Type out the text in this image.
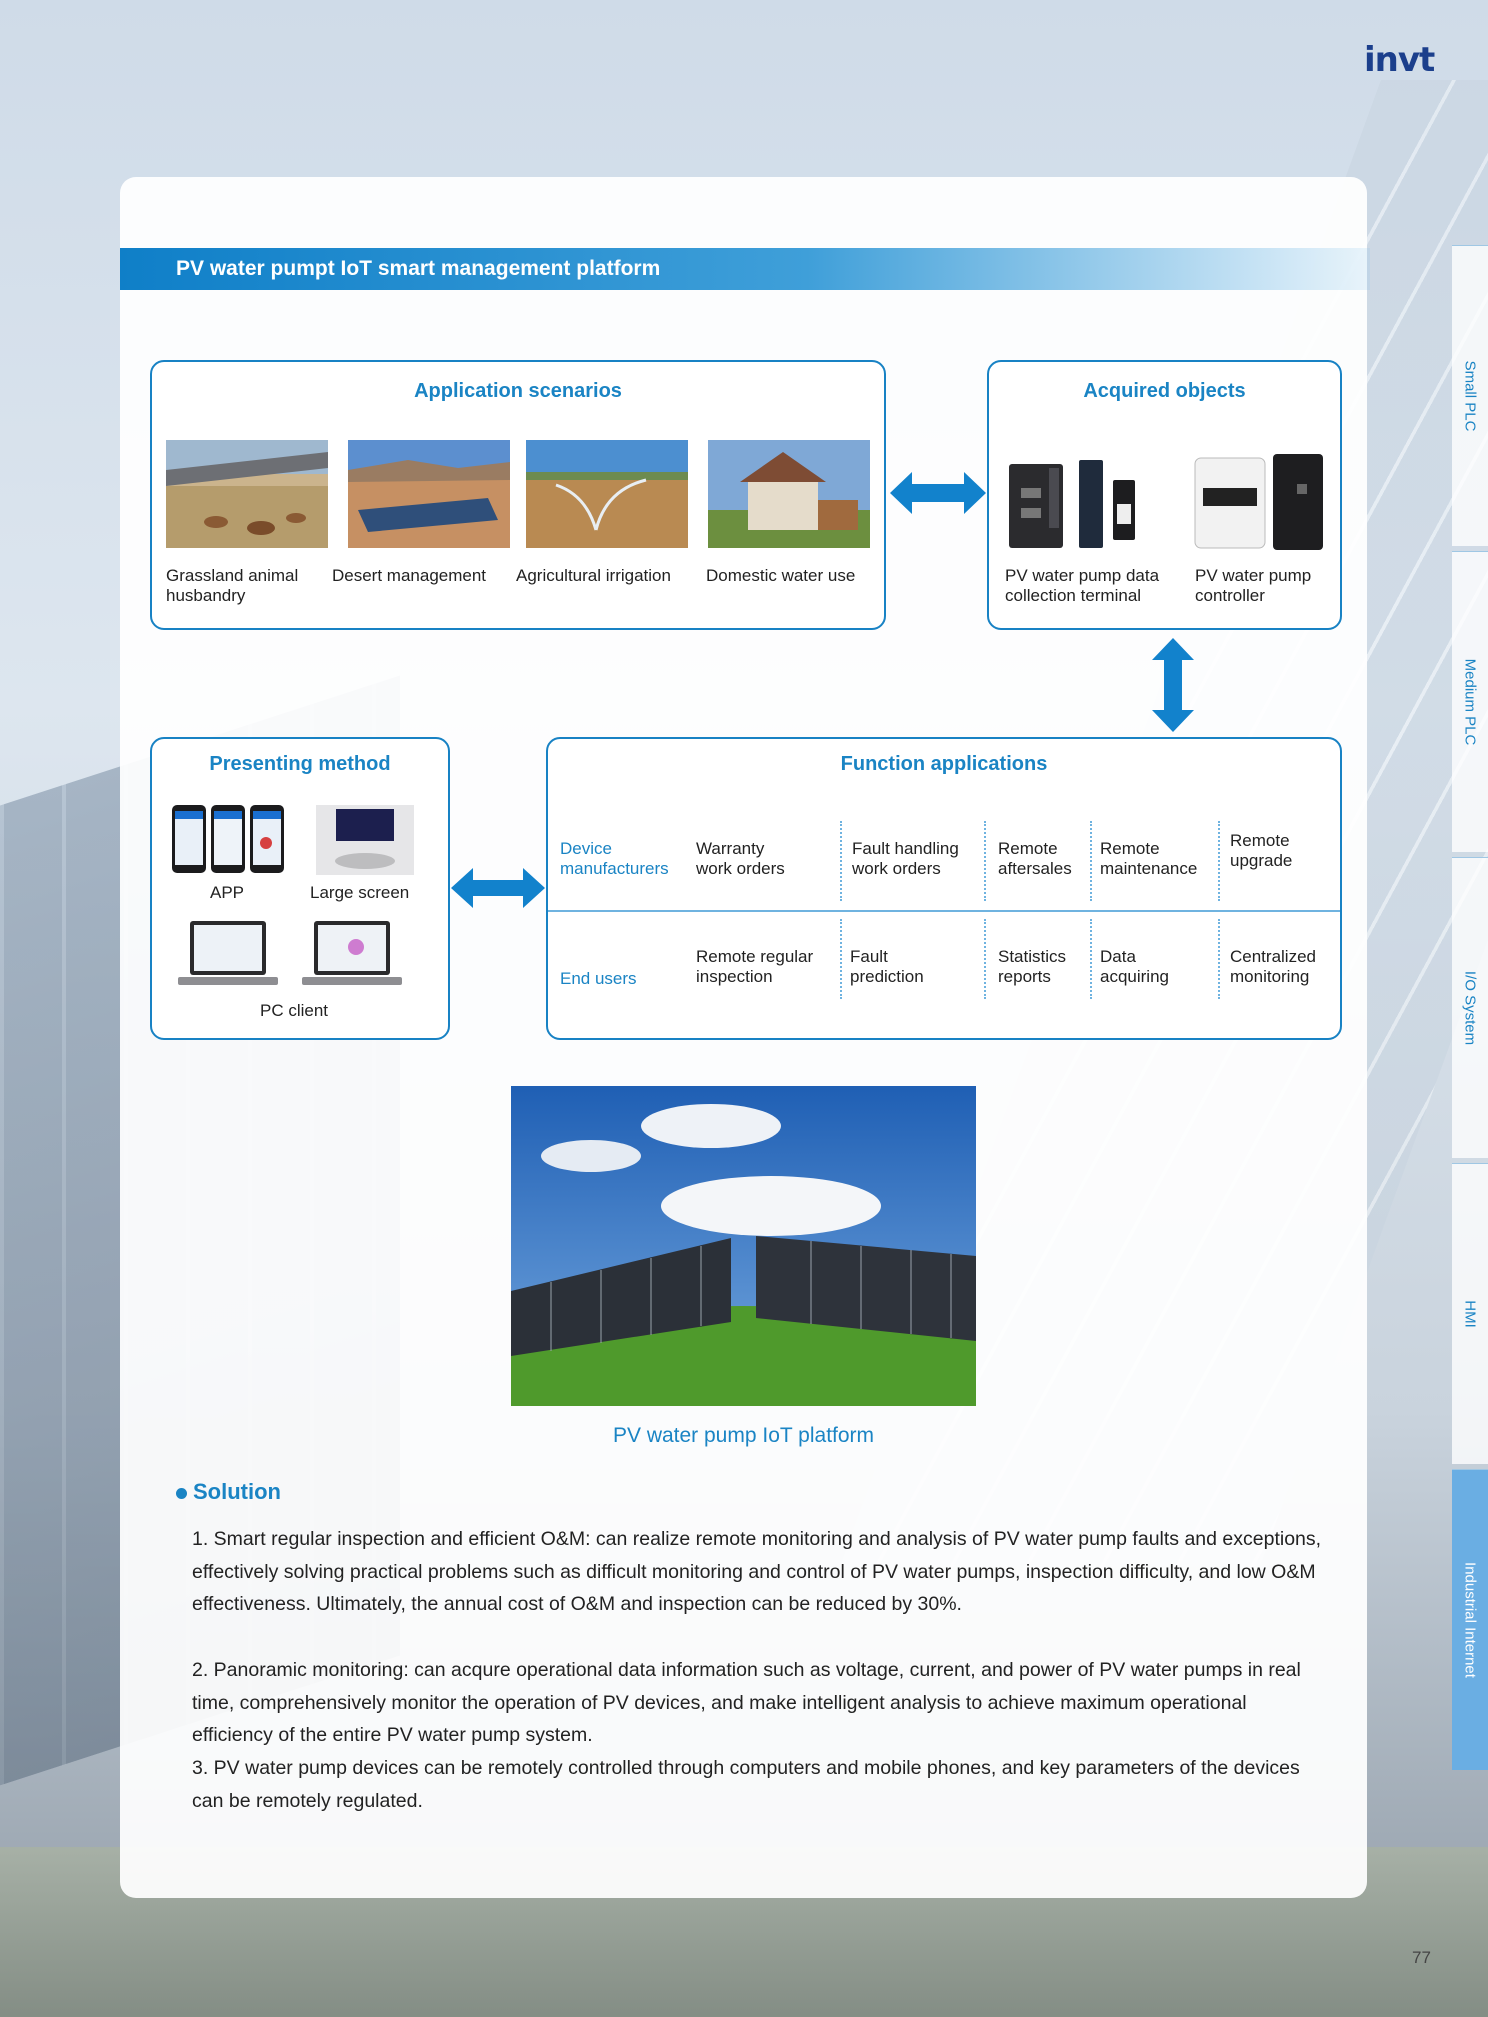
invt
PV water pumpt IoT smart management platform
Application scenarios
Grassland animal
husbandry
Desert management Agricultural irrigation Domestic water use
Acquired objects
PV water pump data
collection terminal
PV water pump
controller
Presenting method
APP	Large screen
PC client
Function applications
Device
manufacturers
Warranty
work orders
Fault handling
work orders
Remote
aftersales
Remote
maintenance
Remote
upgrade
End users
Remote regular
inspection
Fault
prediction
Statistics
reports
Data
acquiring
Centralized
monitoring
PV water pump IoT platform
Solution
1. Smart regular inspection and efficient O&M: can realize remote monitoring and analysis of PV water pump faults and exceptions, effectively solving practical problems such as difficult monitoring and control of PV water pumps, inspection difficulty, and low O&M effectiveness. Ultimately, the annual cost of O&M and inspection can be reduced by 30%.
2. Panoramic monitoring: can acqure operational data information such as voltage, current, and power of PV water pumps in real time, comprehensively monitor the operation of PV devices, and make intelligent analysis to achieve maximum operational efficiency of the entire PV water pump system.
3. PV water pump devices can be remotely controlled through computers and mobile phones, and key parameters of the devices can be remotely regulated.
Small PLC
Medium PLC
I/O System
HMI
Industrial Internet
77
